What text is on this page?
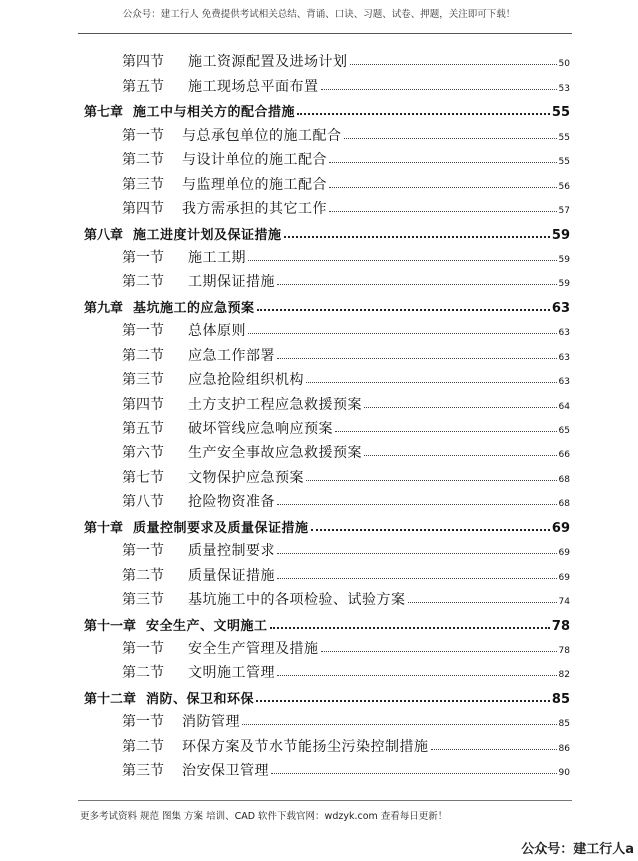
公众号：建工行人 免费提供考试相关总结、背诵、口诀、习题、试卷、押题，关注即可下载！
第四节	施工资源配置及进场计划	50
第五节	施工现场总平面布置	53
第七章 施工中与相关方的配合措施	55
第一节	与总承包单位的施工配合	55
第二节	与设计单位的施工配合	55
第三节	与监理单位的施工配合	56
第四节	我方需承担的其它工作	57
第八章 施工进度计划及保证措施	59
第一节	施工工期	59
第二节	工期保证措施	59
第九章 基坑施工的应急预案	63
第一节	总体原则	63
第二节	应急工作部署	63
第三节	应急抢险组织机构	63
第四节	土方支护工程应急救援预案	64
第五节	破坏管线应急响应预案	65
第六节	生产安全事故应急救援预案	66
第七节	文物保护应急预案	68
第八节	抢险物资准备	68
第十章 质量控制要求及质量保证措施	69
第一节	质量控制要求	69
第二节	质量保证措施	69
第三节	基坑施工中的各项检验、试验方案	74
第十一章 安全生产、文明施工	78
第一节	安全生产管理及措施	78
第二节	文明施工管理	82
第十二章 消防、保卫和环保	85
第一节	消防管理	85
第二节	环保方案及节水节能扬尘污染控制措施	86
第三节	治安保卫管理	90
更多考试资料 规范 图集 方案 培训、CAD 软件下载官网：wdzyk.com 查看每日更新！
公众号：建工行人a
